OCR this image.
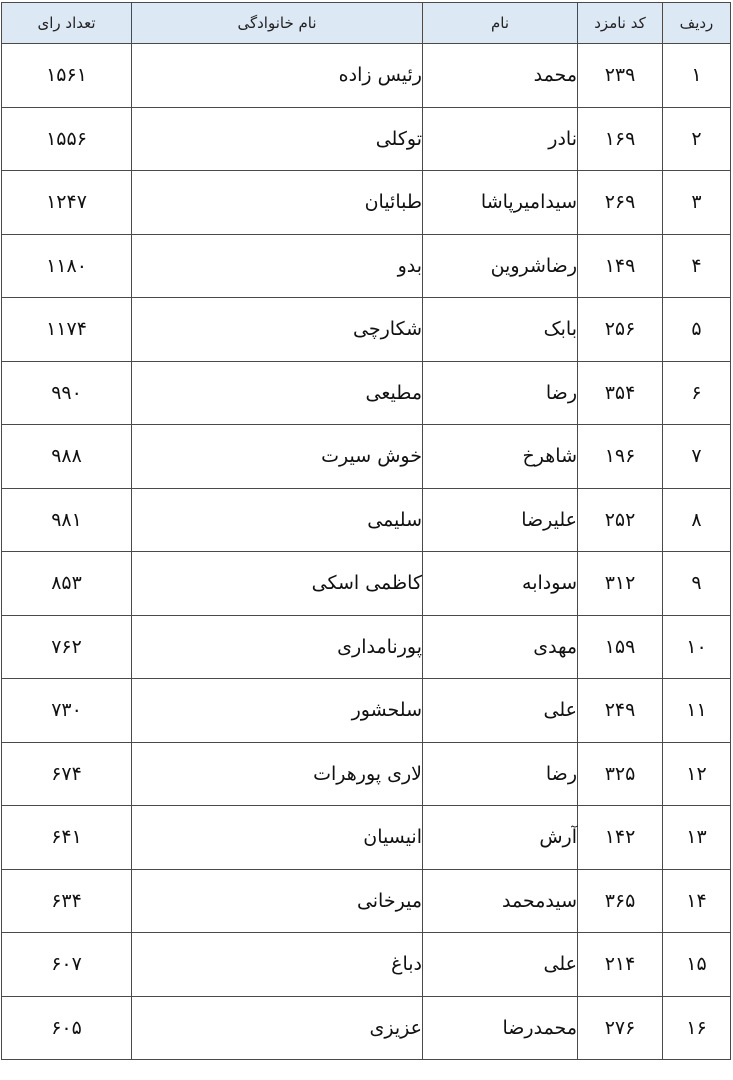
ردیف	کد نامزد	نام	نام خانوادگی	تعداد رای
۱	۲۳۹	محمد	رئیس زاده	۱۵۶۱
۲	۱۶۹	نادر	توکلی	۱۵۵۶
۳	۲۶۹	سیدامیرپاشا	طبائیان	۱۲۴۷
۴	۱۴۹	رضاشروین	بدو	۱۱۸۰
۵	۲۵۶	بابک	شکارچی	۱۱۷۴
۶	۳۵۴	رضا	مطیعی	۹۹۰
۷	۱۹۶	شاهرخ	خوش سیرت	۹۸۸
۸	۲۵۲	علیرضا	سلیمی	۹۸۱
۹	۳۱۲	سودابه	کاظمی اسکی	۸۵۳
۱۰	۱۵۹	مهدی	پورنامداری	۷۶۲
۱۱	۲۴۹	علی	سلحشور	۷۳۰
۱۲	۳۲۵	رضا	لاری پورهرات	۶۷۴
۱۳	۱۴۲	آرش	انیسیان	۶۴۱
۱۴	۳۶۵	سیدمحمد	میرخانی	۶۳۴
۱۵	۲۱۴	علی	دباغ	۶۰۷
۱۶	۲۷۶	محمدرضا	عزیزی	۶۰۵
